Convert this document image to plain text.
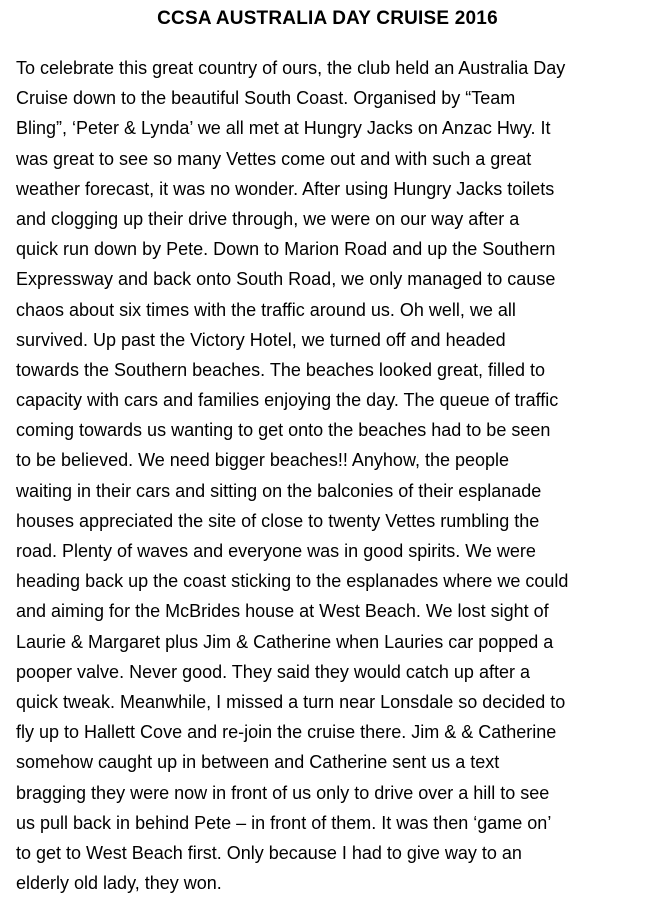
CCSA AUSTRALIA DAY CRUISE 2016
To celebrate this great country of ours, the club held an Australia Day
Cruise down to the beautiful South Coast. Organised by “Team
Bling”, ‘Peter & Lynda’ we all met at Hungry Jacks on Anzac Hwy. It
was great to see so many Vettes come out and with such a great
weather forecast, it was no wonder. After using Hungry Jacks toilets
and clogging up their drive through, we were on our way after a
quick run down by Pete. Down to Marion Road and up the Southern
Expressway and back onto South Road, we only managed to cause
chaos about six times with the traffic around us. Oh well, we all
survived. Up past the Victory Hotel, we turned off and headed
towards the Southern beaches. The beaches looked great, filled to
capacity with cars and families enjoying the day. The queue of traffic
coming towards us wanting to get onto the beaches had to be seen
to be believed. We need bigger beaches!! Anyhow, the people
waiting in their cars and sitting on the balconies of their esplanade
houses appreciated the site of close to twenty Vettes rumbling the
road. Plenty of waves and everyone was in good spirits. We were
heading back up the coast sticking to the esplanades where we could
and aiming for the McBrides house at West Beach. We lost sight of
Laurie & Margaret plus Jim & Catherine when Lauries car popped a
pooper valve. Never good. They said they would catch up after a
quick tweak. Meanwhile, I missed a turn near Lonsdale so decided to
fly up to Hallett Cove and re-join the cruise there. Jim & & Catherine
somehow caught up in between and Catherine sent us a text
bragging they were now in front of us only to drive over a hill to see
us pull back in behind Pete – in front of them. It was then ‘game on’
to get to West Beach first. Only because I had to give way to an
elderly old lady, they won.
